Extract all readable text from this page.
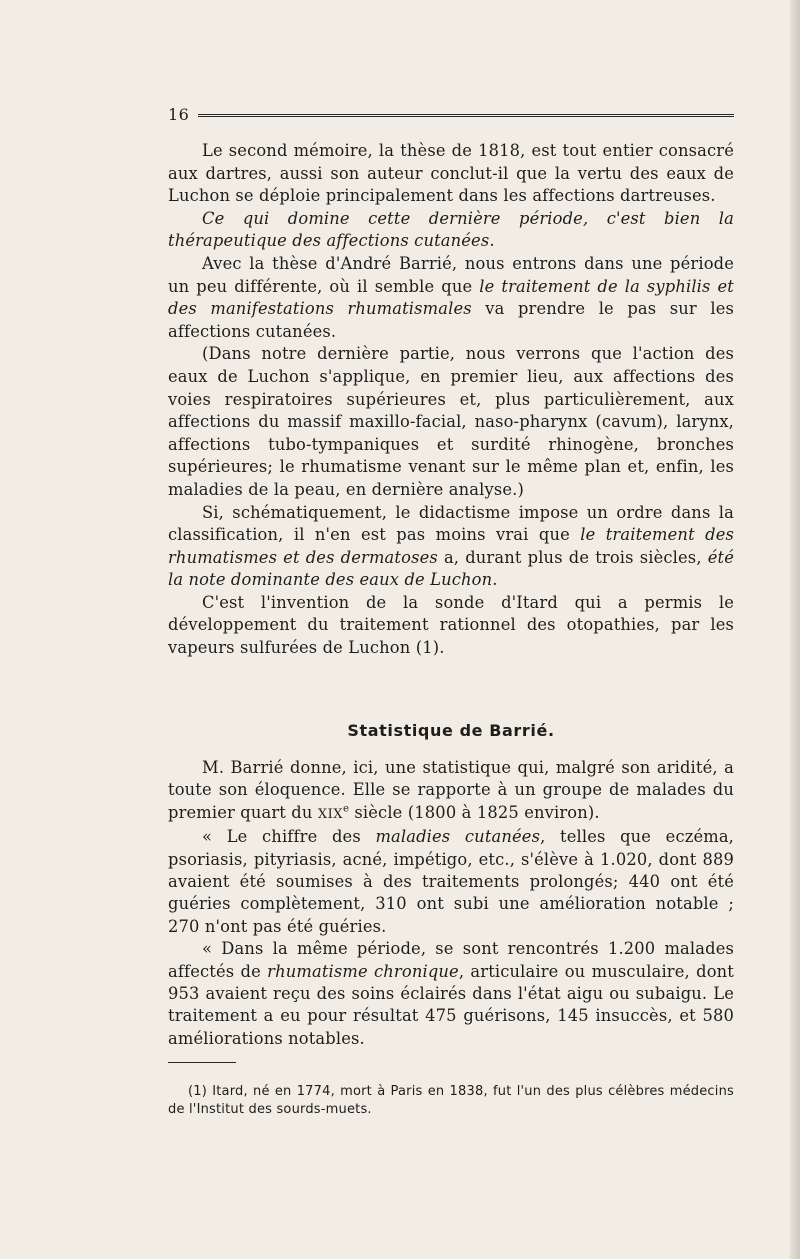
16

Le second mémoire, la thèse de 1818, est tout entier consacré aux dartres, aussi son auteur conclut-il que la vertu des eaux de Luchon se déploie principalement dans les affections dartreuses.

Ce qui domine cette dernière période, c'est bien la thérapeutique des affections cutanées.

Avec la thèse d'André Barrié, nous entrons dans une période un peu différente, où il semble que le traitement de la syphilis et des manifestations rhumatismales va prendre le pas sur les affections cutanées.

(Dans notre dernière partie, nous verrons que l'action des eaux de Luchon s'applique, en premier lieu, aux affections des voies respiratoires supérieures et, plus particulièrement, aux affections du massif maxillo-facial, naso-pharynx (cavum), larynx, affections tubo-tympaniques et surdité rhinogène, bronches supérieures; le rhumatisme venant sur le même plan et, enfin, les maladies de la peau, en dernière analyse.)

Si, schématiquement, le didactisme impose un ordre dans la classification, il n'en est pas moins vrai que le traitement des rhumatismes et des dermatoses a, durant plus de trois siècles, été la note dominante des eaux de Luchon.

C'est l'invention de la sonde d'Itard qui a permis le développement du traitement rationnel des otopathies, par les vapeurs sulfurées de Luchon (1).

Statistique de Barrié.

M. Barrié donne, ici, une statistique qui, malgré son aridité, a toute son éloquence. Elle se rapporte à un groupe de malades du premier quart du XIXe siècle (1800 à 1825 environ).

« Le chiffre des maladies cutanées, telles que eczéma, psoriasis, pityriasis, acné, impétigo, etc., s'élève à 1.020, dont 889 avaient été soumises à des traitements prolongés; 440 ont été guéries complètement, 310 ont subi une amélioration notable ; 270 n'ont pas été guéries.

« Dans la même période, se sont rencontrés 1.200 malades affectés de rhumatisme chronique, articulaire ou musculaire, dont 953 avaient reçu des soins éclairés dans l'état aigu ou subaigu. Le traitement a eu pour résultat 475 guérisons, 145 insuccès, et 580 améliorations notables.

(1) Itard, né en 1774, mort à Paris en 1838, fut l'un des plus célèbres médecins de l'Institut des sourds-muets.
